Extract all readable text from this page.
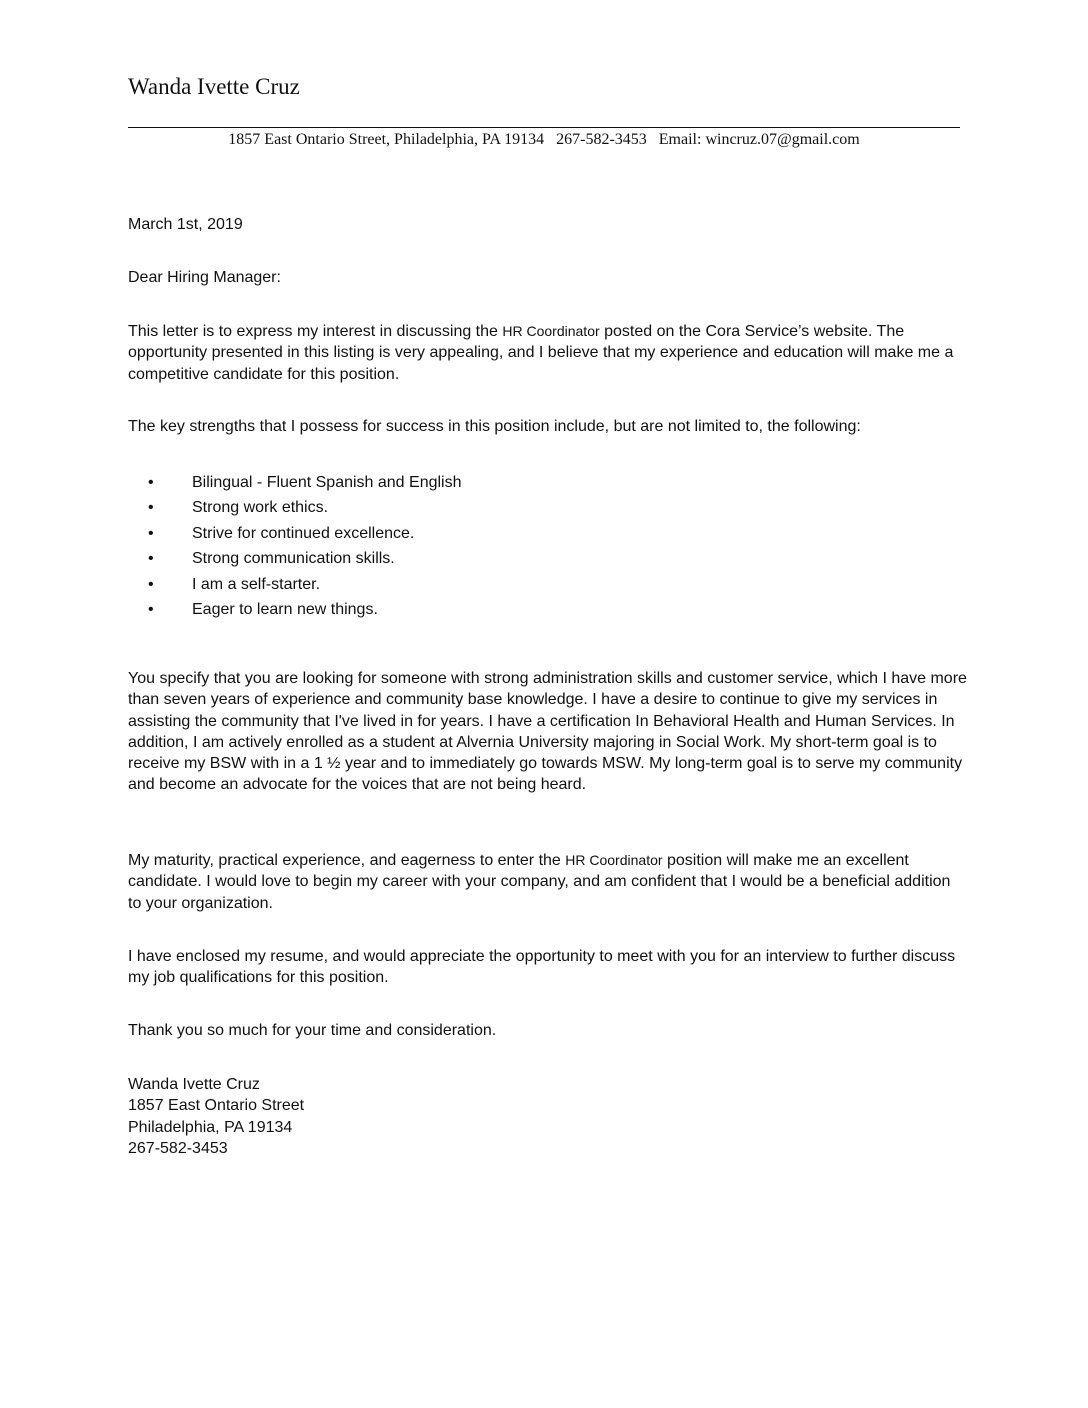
Wanda Ivette Cruz
1857 East Ontario Street, Philadelphia, PA 19134   267-582-3453   Email: wincruz.07@gmail.com
March 1st, 2019
Dear Hiring Manager:
This letter is to express my interest in discussing the HR Coordinator posted on the Cora Service’s website. The opportunity presented in this listing is very appealing, and I believe that my experience and education will make me a competitive candidate for this position.
The key strengths that I possess for success in this position include, but are not limited to, the following:
• Bilingual - Fluent Spanish and English
• Strong work ethics.
• Strive for continued excellence.
• Strong communication skills.
• I am a self-starter.
• Eager to learn new things.
You specify that you are looking for someone with strong administration skills and customer service, which I have more than seven years of experience and community base knowledge. I have a desire to continue to give my services in assisting the community that I've lived in for years. I have a certification In Behavioral Health and Human Services. In addition, I am actively enrolled as a student at Alvernia University majoring in Social Work. My short-term goal is to receive my BSW with in a 1 ½ year and to immediately go towards MSW. My long-term goal is to serve my community and become an advocate for the voices that are not being heard.
My maturity, practical experience, and eagerness to enter the HR Coordinator position will make me an excellent candidate. I would love to begin my career with your company, and am confident that I would be a beneficial addition to your organization.
I have enclosed my resume, and would appreciate the opportunity to meet with you for an interview to further discuss my job qualifications for this position.
Thank you so much for your time and consideration.
Wanda Ivette Cruz
1857 East Ontario Street
Philadelphia, PA 19134
267-582-3453
